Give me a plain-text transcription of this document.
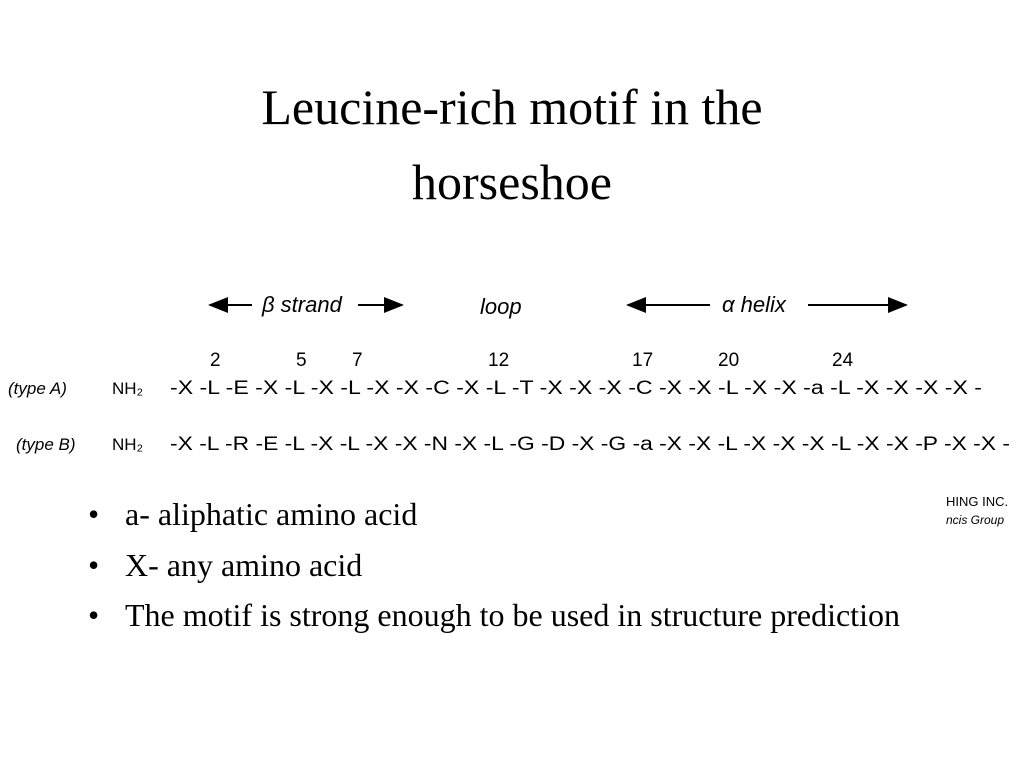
Leucine-rich motif in the
horseshoe
β strand	loop	α helix
2	5 7	12	17	20	24
(type A)	NH₂ -X -L -E -X -L -X -L -X -X -C -X -L -T -X -X -X -C -X -X -L -X -X -a -L -X -X -X -X -
(type B) NH₂ -X -L -R -E -L -X -L -X -X -N -X -L -G -D -X -G -a -X -X -L -X -X -X -L -X -X -P -X -X -
HING INC.
ncis Group
• a- aliphatic amino acid
• X- any amino acid
• The motif is strong enough to be used in structure prediction
